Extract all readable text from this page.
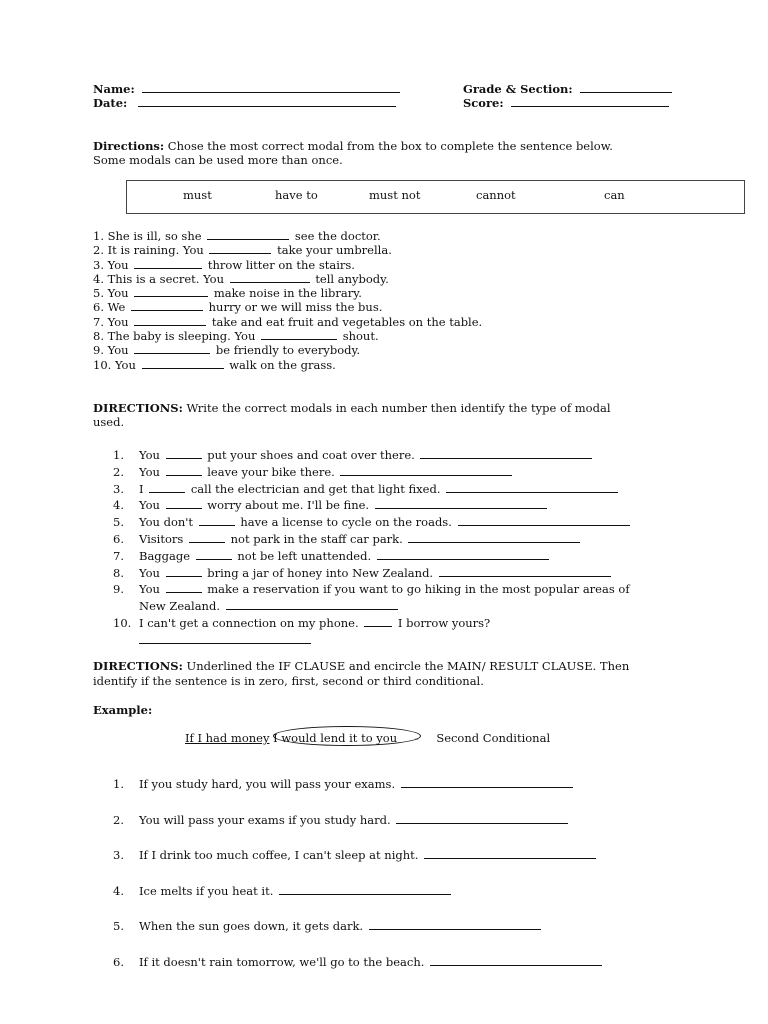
Name:
Date:
Grade & Section:
Score:
Directions: Chose the most correct modal from the box to complete the sentence below.
Some modals can be used more than once.
must	have to	must not	cannot	can
1. She is ill, so she	see the doctor.
2. It is raining. You	take your umbrella.
3. You	throw litter on the stairs.
4. This is a secret. You	tell anybody.
5. You	make noise in the library.
6. We	hurry or we will miss the bus.
7. You	take and eat fruit and vegetables on the table.
8. The baby is sleeping. You	shout.
9. You	be friendly to everybody.
10. You	walk on the grass.
DIRECTIONS: Write the correct modals in each number then identify the type of modal
used.
1. You	put your shoes and coat over there.
2. You	leave your bike there.
3. I	call the electrician and get that light fixed.
4. You	worry about me. I'll be fine.
5. You don't	have a license to cycle on the roads.
6. Visitors	not park in the staff car park.
7. Baggage	not be left unattended.
8. You	bring a jar of honey into New Zealand.
9. You	make a reservation if you want to go hiking in the most popular areas of
New Zealand.
10. I can't get a connection on my phone.	I borrow yours?
DIRECTIONS: Underlined the IF CLAUSE and encircle the MAIN/ RESULT CLAUSE. Then
identify if the sentence is in zero, first, second or third conditional.
Example:
If I had money I would lend it to you - Second Conditional
1. If you study hard, you will pass your exams.
2. You will pass your exams if you study hard.
3. If I drink too much coffee, I can't sleep at night.
4. Ice melts if you heat it.
5. When the sun goes down, it gets dark.
6. If it doesn't rain tomorrow, we'll go to the beach.
